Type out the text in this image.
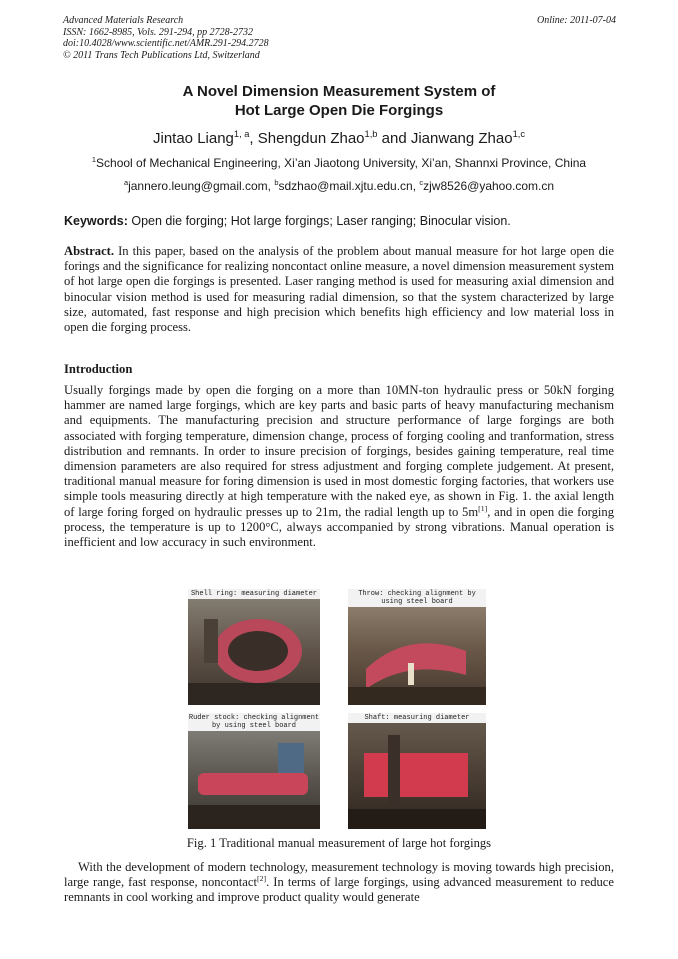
Advanced Materials Research
ISSN: 1662-8985, Vols. 291-294, pp 2728-2732
doi:10.4028/www.scientific.net/AMR.291-294.2728
© 2011 Trans Tech Publications Ltd, Switzerland
Online: 2011-07-04
A Novel Dimension Measurement System of
Hot Large Open Die Forgings
Jintao Liang$^{1, a}$, Shengdun Zhao$^{1,b}$ and Jianwang Zhao$^{1,c}$
$^1$School of Mechanical Engineering, Xi’an Jiaotong University, Xi’an, Shannxi Province, China
$^a$jannero.leung@gmail.com, $^b$sdzhao@mail.xjtu.edu.cn, $^c$zjw8526@yahoo.com.cn
Keywords: Open die forging; Hot large forgings; Laser ranging; Binocular vision.
Abstract. In this paper, based on the analysis of the problem about manual measure for hot large open die forings and the significance for realizing noncontact online measure, a novel dimension measurement system of hot large open die forgings is presented. Laser ranging method is used for measuring axial dimension and binocular vision method is used for measuring radial dimension, so that the system characterized by large size, automated, fast response and high precision which benefits high efficiency and low material loss in open die forging process.
Introduction
Usually forgings made by open die forging on a more than 10MN-ton hydraulic press or 50kN forging hammer are named large forgings, which are key parts and basic parts of heavy manufacturing mechanism and equipments. The manufacturing precision and structure performance of large forgings are both associated with forging temperature, dimension change, process of forging cooling and tranformation, stress distribution and remnants. In order to insure precision of forgings, besides gaining temperature, real time dimension parameters are also required for stress adjustment and forging complete judgement. At present, traditional manual measure for foring dimension is used in most domestic forging factories, that workers use simple tools measuring directly at high temperature with the naked eye, as shown in Fig. 1. the axial length of large foring forged on hydraulic presses up to 21m, the radial length up to 5m[1], and in open die forging process, the temperature is up to 1200°C, always accompanied by strong vibrations. Manual operation is inefficient and low accuracy in such environment.
Shell ring: measuring diameter	Throw: checking alignment by using steel board
Ruder stock: checking alignment by using steel board
Shaft: measuring diameter
Fig. 1 Traditional manual measurement of large hot forgings
With the development of modern technology, measurement technology is moving towards high precision, large range, fast response, noncontact[2]. In terms of large forgings, using advanced measurement to reduce remnants in cool working and improve product quality would generate
